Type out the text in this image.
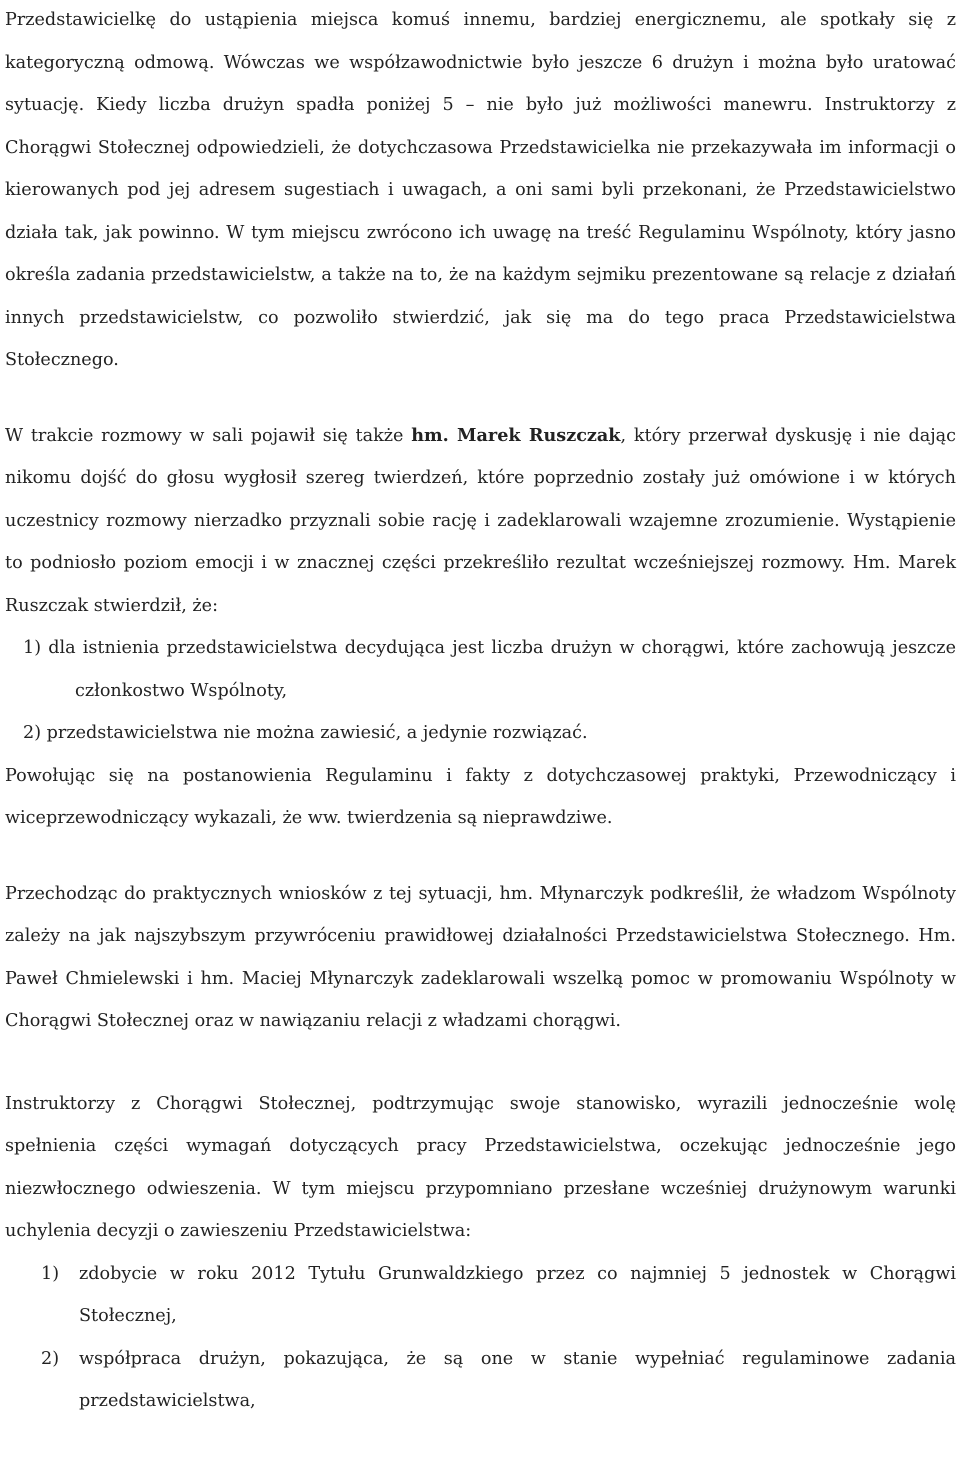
Przedstawicielkę do ustąpienia miejsca komuś innemu, bardziej energicznemu, ale spotkały się z kategoryczną odmową. Wówczas we współzawodnictwie było jeszcze 6 drużyn i można było uratować sytuację. Kiedy liczba drużyn spadła poniżej 5 – nie było już możliwości manewru. Instruktorzy z Chorągwi Stołecznej odpowiedzieli, że dotychczasowa Przedstawicielka nie przekazywała im informacji o kierowanych pod jej adresem sugestiach i uwagach, a oni sami byli przekonani, że Przedstawicielstwo działa tak, jak powinno. W tym miejscu zwrócono ich uwagę na treść Regulaminu Wspólnoty, który jasno określa zadania przedstawicielstw, a także na to, że na każdym sejmiku prezentowane są relacje z działań innych przedstawicielstw, co pozwoliło stwierdzić, jak się ma do tego praca Przedstawicielstwa Stołecznego.

W trakcie rozmowy w sali pojawił się także hm. Marek Ruszczak, który przerwał dyskusję i nie dając nikomu dojść do głosu wygłosił szereg twierdzeń, które poprzednio zostały już omówione i w których uczestnicy rozmowy nierzadko przyznali sobie rację i zadeklarowali wzajemne zrozumienie. Wystąpienie to podniosło poziom emocji i w znacznej części przekreśliło rezultat wcześniejszej rozmowy. Hm. Marek Ruszczak stwierdził, że:

1) dla istnienia przedstawicielstwa decydująca jest liczba drużyn w chorągwi, które zachowują jeszcze członkostwo Wspólnoty,
2) przedstawicielstwa nie można zawiesić, a jedynie rozwiązać.

Powołując się na postanowienia Regulaminu i fakty z dotychczasowej praktyki, Przewodniczący i wiceprzewodniczący wykazali, że ww. twierdzenia są nieprawdziwe.

Przechodząc do praktycznych wniosków z tej sytuacji, hm. Młynarczyk podkreślił, że władzom Wspólnoty zależy na jak najszybszym przywróceniu prawidłowej działalności Przedstawicielstwa Stołecznego. Hm. Paweł Chmielewski i hm. Maciej Młynarczyk zadeklarowali wszelką pomoc w promowaniu Wspólnoty w Chorągwi Stołecznej oraz w nawiązaniu relacji z władzami chorągwi.

Instruktorzy z Chorągwi Stołecznej, podtrzymując swoje stanowisko, wyrazili jednocześnie wolę spełnienia części wymagań dotyczących pracy Przedstawicielstwa, oczekując jednocześnie jego niezwłocznego odwieszenia. W tym miejscu przypomniano przesłane wcześniej drużynowym warunki uchylenia decyzji o zawieszeniu Przedstawicielstwa:

1) zdobycie w roku 2012 Tytułu Grunwaldzkiego przez co najmniej 5 jednostek w Chorągwi Stołecznej,
2) współpraca drużyn, pokazująca, że są one w stanie wypełniać regulaminowe zadania przedstawicielstwa,
